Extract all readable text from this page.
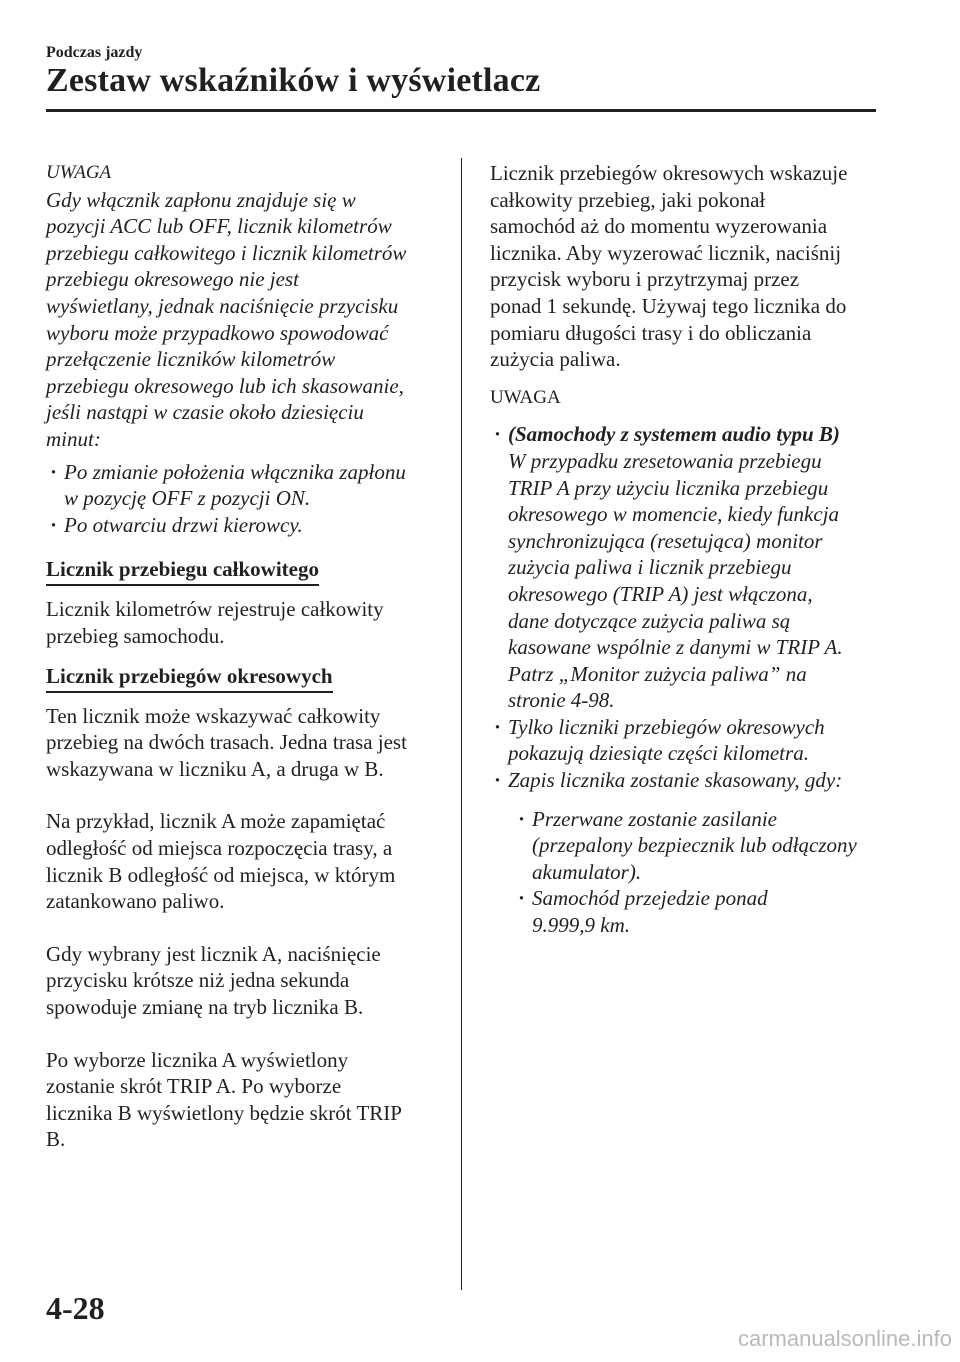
Podczas jazdy
Zestaw wskaźników i wyświetlacz

UWAGA

Gdy włącznik zapłonu znajduje się w
pozycji ACC lub OFF, licznik kilometrów
przebiegu całkowitego i licznik kilometrów
przebiegu okresowego nie jest
wyświetlany, jednak naciśnięcie przycisku
wyboru może przypadkowo spowodować
przełączenie liczników kilometrów
przebiegu okresowego lub ich skasowanie,
jeśli nastąpi w czasie około dziesięciu
minut:

· Po zmianie położenia włącznika zapłonu
w pozycję OFF z pozycji ON.

· Po otwarciu drzwi kierowcy.

Licznik przebiegu całkowitego

Licznik kilometrów rejestruje całkowity
przebieg samochodu.

Licznik przebiegów okresowych

Ten licznik może wskazywać całkowity
przebieg na dwóch trasach. Jedna trasa jest
wskazywana w liczniku A, a druga w B.

Na przykład, licznik A może zapamiętać
odległość od miejsca rozpoczęcia trasy, a
licznik B odległość od miejsca, w którym
zatankowano paliwo.

Gdy wybrany jest licznik A, naciśnięcie
przycisku krótsze niż jedna sekunda
spowoduje zmianę na tryb licznika B.

Po wyborze licznika A wyświetlony
zostanie skrót TRIP A. Po wyborze
licznika B wyświetlony będzie skrót TRIP
B.

Licznik przebiegów okresowych wskazuje
całkowity przebieg, jaki pokonał
samochód aż do momentu wyzerowania
licznika. Aby wyzerować licznik, naciśnij
przycisk wyboru i przytrzymaj przez
ponad 1 sekundę. Używaj tego licznika do
pomiaru długości trasy i do obliczania
zużycia paliwa.

UWAGA

· (Samochody z systemem audio typu B)
W przypadku zresetowania przebiegu
TRIP A przy użyciu licznika przebiegu
okresowego w momencie, kiedy funkcja
synchronizująca (resetująca) monitor
zużycia paliwa i licznik przebiegu
okresowego (TRIP A) jest włączona,
dane dotyczące zużycia paliwa są
kasowane wspólnie z danymi w TRIP A.
Patrz „Monitor zużycia paliwa” na
stronie 4-98.

· Tylko liczniki przebiegów okresowych
pokazują dziesiąte części kilometra.

· Zapis licznika zostanie skasowany, gdy:

· Przerwane zostanie zasilanie
(przepalony bezpiecznik lub odłączony
akumulator).

· Samochód przejedzie ponad
9.999,9 km.

4-28
carmanualsonline.info
